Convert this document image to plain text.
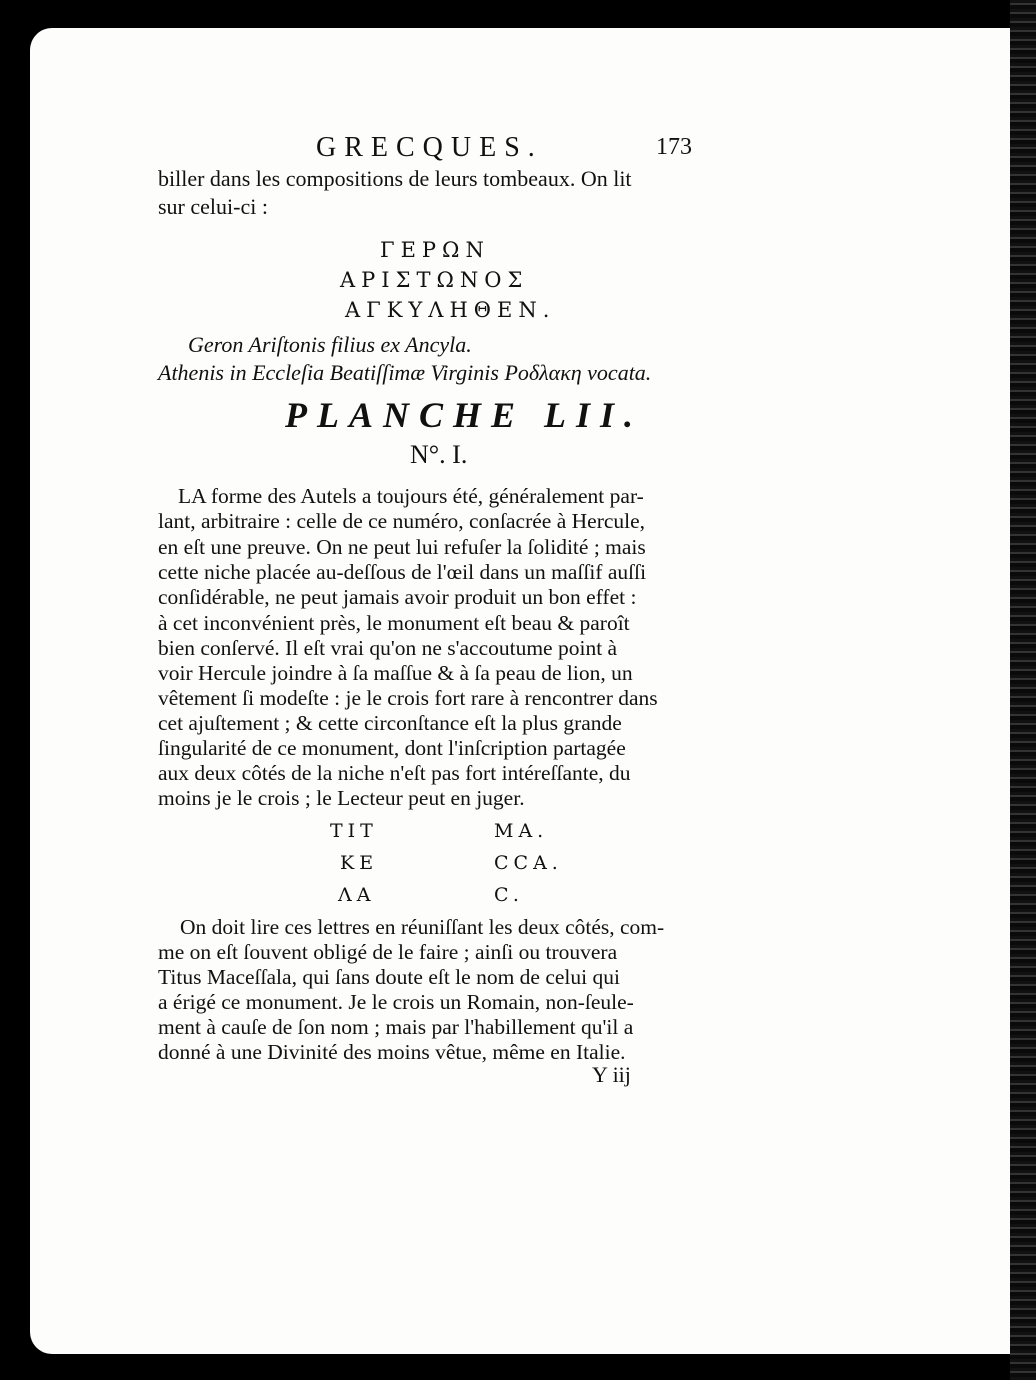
GRECQUES.	173
biller dans les compositions de leurs tombeaux. On lit
sur celui-ci :
ΓΕΡΩΝ
ΑΡΙΣΤΩΝΟΣ
ΑΓΚΥΛΗΘΕΝ.
Geron Ariſtonis filius ex Ancyla.
Athenis in Eccleſia Beatiſſimæ Virginis Ρoδλακη vocata.
PLANCHE LII.
N°. I.
LA forme des Autels a toujours été, généralement par-
lant, arbitraire : celle de ce numéro, conſacrée à Hercule,
en eſt une preuve. On ne peut lui refuſer la ſolidité ; mais
cette niche placée au-deſſous de l'œil dans un maſſif auſſi
conſidérable, ne peut jamais avoir produit un bon effet :
à cet inconvénient près, le monument eſt beau & paroît
bien conſervé. Il eſt vrai qu'on ne s'accoutume point à
voir Hercule joindre à ſa maſſue & à ſa peau de lion, un
vêtement ſi modeſte : je le crois fort rare à rencontrer dans
cet ajuſtement ; & cette circonſtance eſt la plus grande
ſingularité de ce monument, dont l'inſcription partagée
aux deux côtés de la niche n'eſt pas fort intéreſſante, du
moins je le crois ; le Lecteur peut en juger.
TIT
KE
ΛA
MA.
CCA.
C.
On doit lire ces lettres en réuniſſant les deux côtés, com-
me on eſt ſouvent obligé de le faire ; ainſi ou trouvera
Titus Maceſſala, qui ſans doute eſt le nom de celui qui
a érigé ce monument. Je le crois un Romain, non-ſeule-
ment à cauſe de ſon nom ; mais par l'habillement qu'il a
donné à une Divinité des moins vêtue, même en Italie.
Y iij
